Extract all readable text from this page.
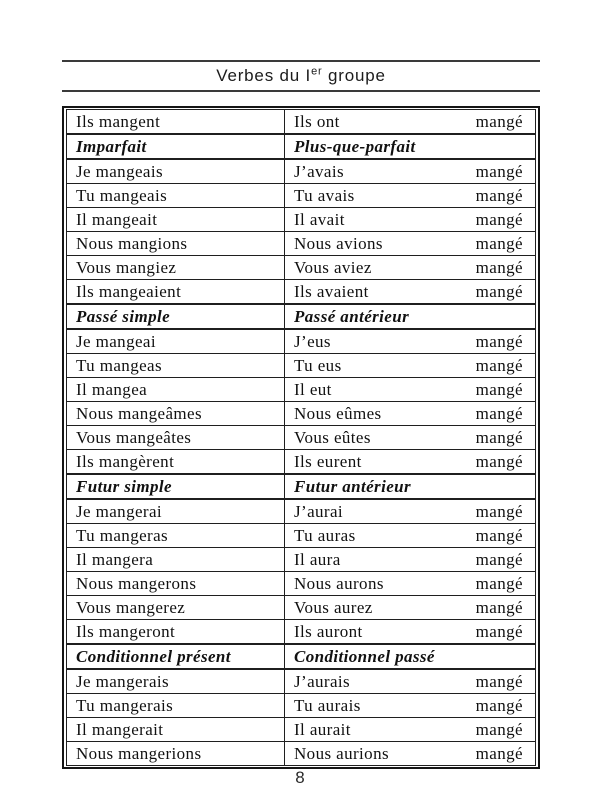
Verbes du Ier groupe
Ils mangent	Ils ont mangé

Imparfait	Plus-que-parfait
Je mangeais	J’avais mangé

Tu mangeais	Tu avais mangé

Il mangeait	Il avait mangé

Nous mangions	Nous avions mangé

Vous mangiez	Vous aviez mangé

Ils mangeaient	Ils avaient mangé

Passé simple	Passé antérieur
Je mangeai	J’eus mangé

Tu mangeas	Tu eus mangé

Il mangea	Il eut mangé

Nous mangeâmes	Nous eûmes mangé

Vous mangeâtes	Vous eûtes mangé

Ils mangèrent	Ils eurent mangé

Futur simple	Futur antérieur
Je mangerai	J’aurai mangé

Tu mangeras	Tu auras mangé

Il mangera	Il aura mangé

Nous mangerons	Nous aurons mangé

Vous mangerez	Vous aurez mangé

Ils mangeront	Ils auront mangé

Conditionnel présent	Conditionnel passé
Je mangerais	J’aurais mangé

Tu mangerais	Tu aurais mangé

Il mangerait	Il aurait mangé

Nous mangerions	Nous aurions mangé
8
